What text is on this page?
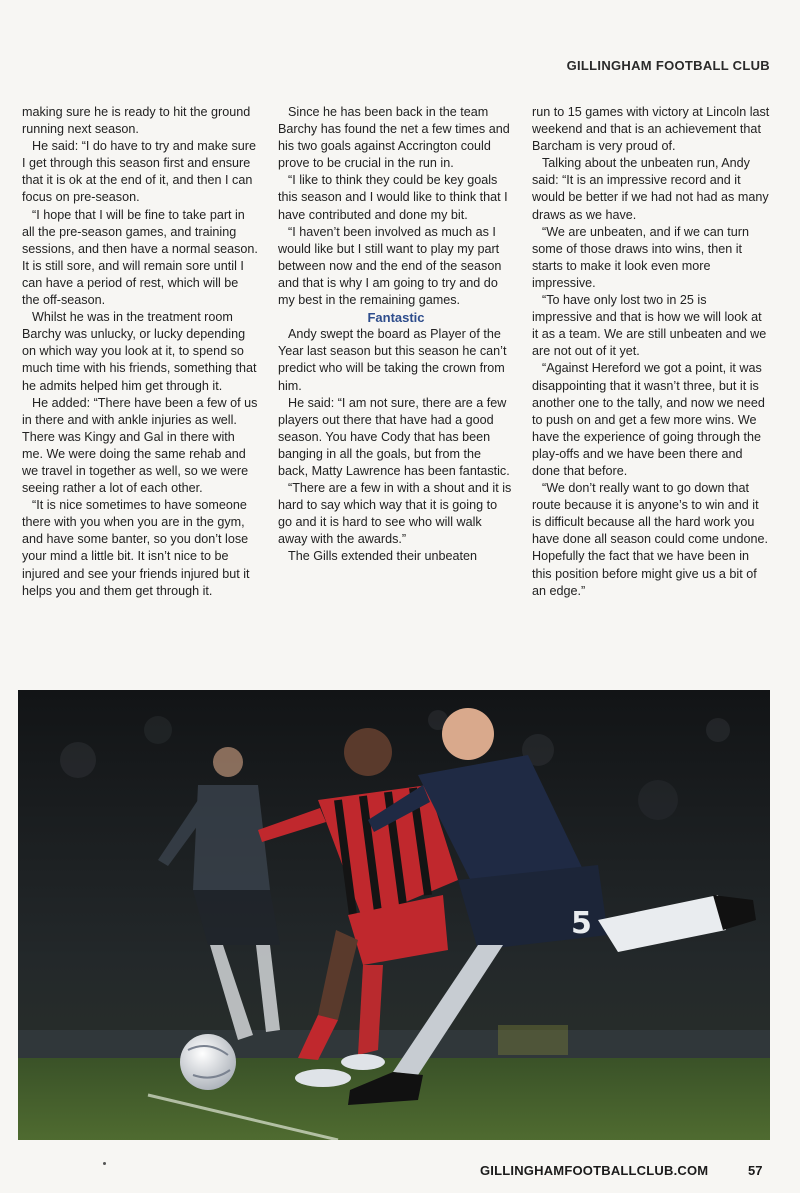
GILLINGHAM FOOTBALL CLUB

making sure he is ready to hit the ground running next season.

He said: “I do have to try and make sure I get through this season first and ensure that it is ok at the end of it, and then I can focus on pre-season.

“I hope that I will be fine to take part in all the pre-season games, and training sessions, and then have a normal season. It is still sore, and will remain sore until I can have a period of rest, which will be the off-season.

Whilst he was in the treatment room Barchy was unlucky, or lucky depending on which way you look at it, to spend so much time with his friends, something that he admits helped him get through it.

He added: “There have been a few of us in there and with ankle injuries as well. There was Kingy and Gal in there with me. We were doing the same rehab and we travel in together as well, so we were seeing rather a lot of each other.

“It is nice sometimes to have someone there with you when you are in the gym, and have some banter, so you don’t lose your mind a little bit. It isn’t nice to be injured and see your friends injured but it helps you and them get through it.

Since he has been back in the team Barchy has found the net a few times and his two goals against Accrington could prove to be crucial in the run in.

“I like to think they could be key goals this season and I would like to think that I have contributed and done my bit.

“I haven’t been involved as much as I would like but I still want to play my part between now and the end of the season and that is why I am going to try and do my best in the remaining games.

Fantastic

Andy swept the board as Player of the Year last season but this season he can’t predict who will be taking the crown from him.

He said: “I am not sure, there are a few players out there that have had a good season. You have Cody that has been banging in all the goals, but from the back, Matty Lawrence has been fantastic.

“There are a few in with a shout and it is hard to say which way that it is going to go and it is hard to see who will walk away with the awards.”

The Gills extended their unbeaten

run to 15 games with victory at Lincoln last weekend and that is an achievement that Barcham is very proud of.

Talking about the unbeaten run, Andy said: “It is an impressive record and it would be better if we had not had as many draws as we have.

“We are unbeaten, and if we can turn some of those draws into wins, then it starts to make it look even more impressive.

“To have only lost two in 25 is impressive and that is how we will look at it as a team. We are still unbeaten and we are not out of it yet.

“Against Hereford we got a point, it was disappointing that it wasn’t three, but it is another one to the tally, and now we need to push on and get a few more wins. We have the experience of going through the play-offs and we have been there and done that before.

“We don’t really want to go down that route because it is anyone’s to win and it is difficult because all the hard work you have done all season could come undone. Hopefully the fact that we have been in this position before might give us a bit of an edge.”

5
GILLINGHAMFOOTBALLCLUB.COM	57
